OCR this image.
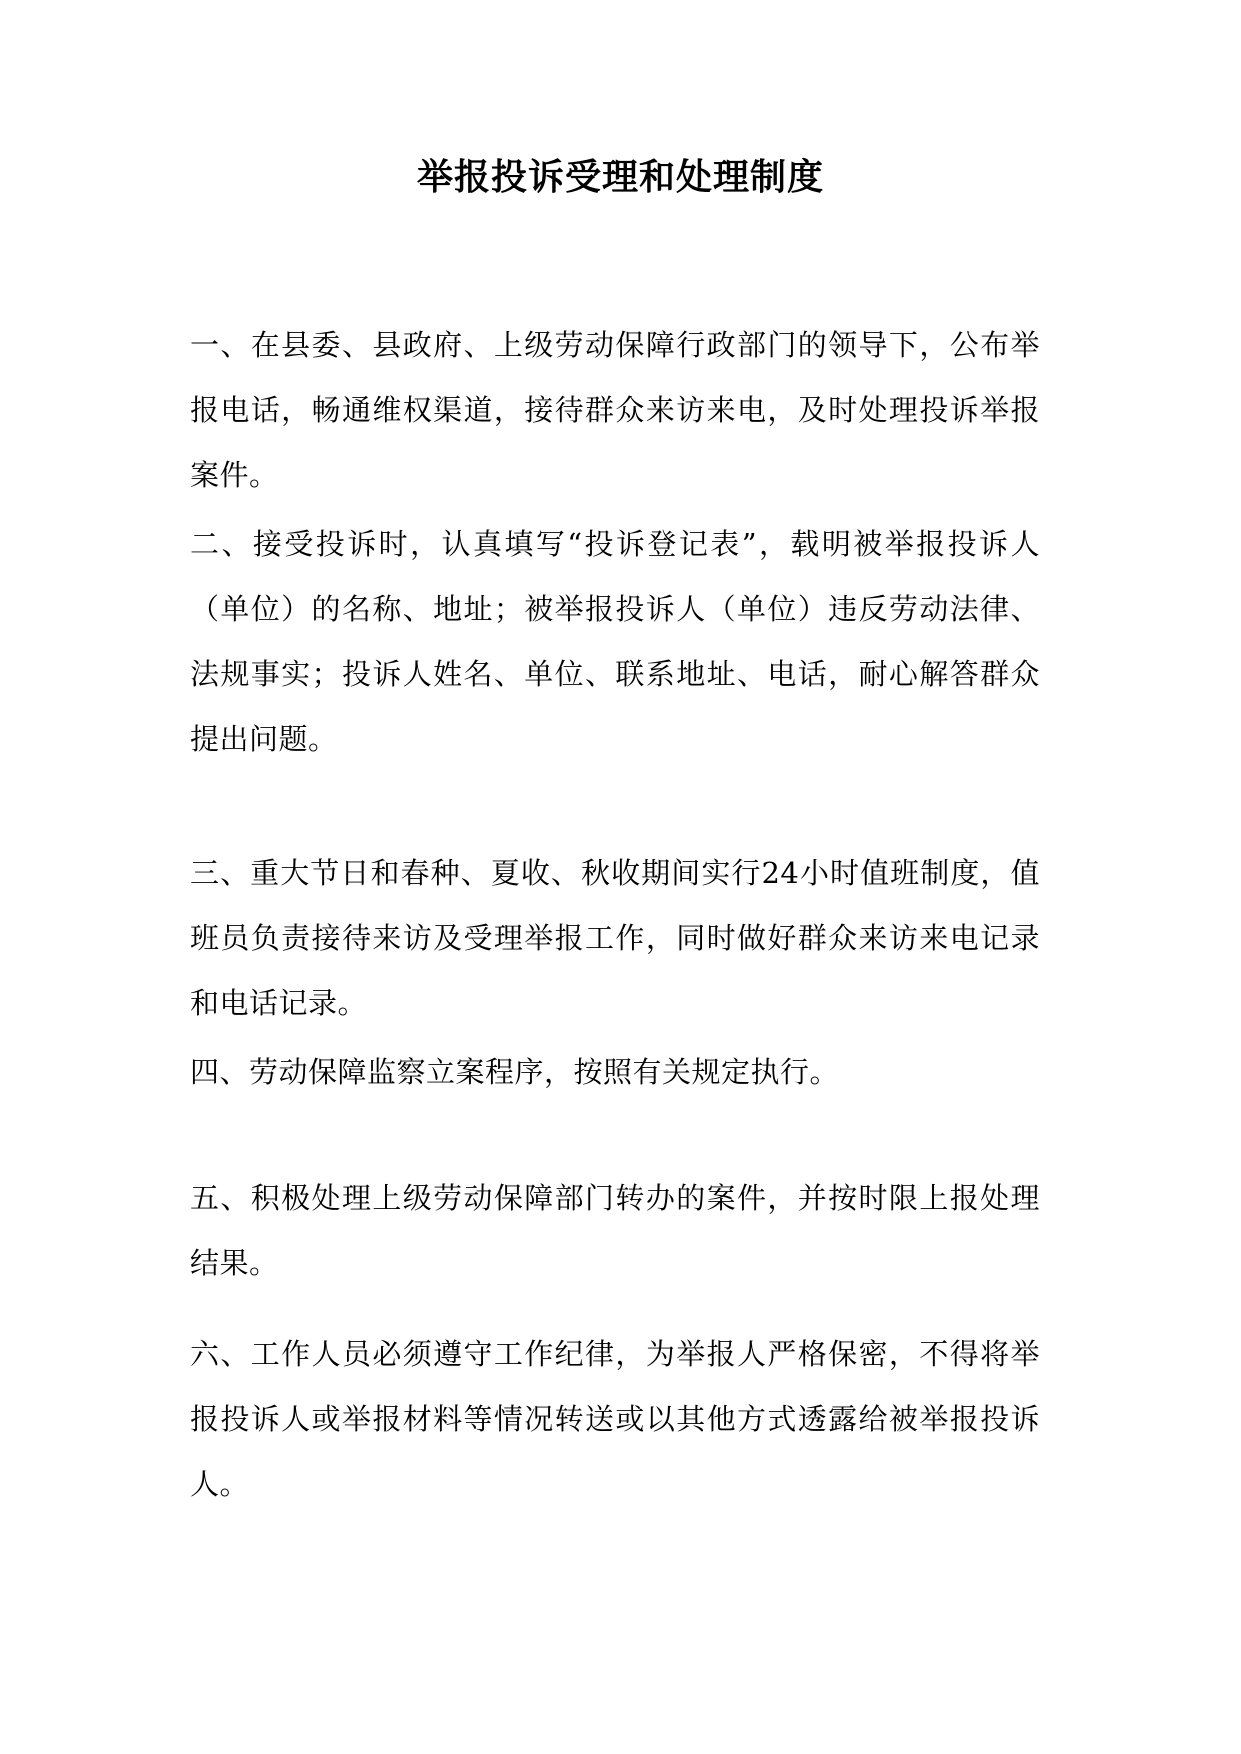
举报投诉受理和处理制度

一、在县委、县政府、上级劳动保障行政部门的领导下，公布举报电话，畅通维权渠道，接待群众来访来电，及时处理投诉举报案件。

二、接受投诉时，认真填写“投诉登记表”，载明被举报投诉人（单位）的名称、地址；被举报投诉人（单位）违反劳动法律、法规事实；投诉人姓名、单位、联系地址、电话，耐心解答群众提出问题。

三、重大节日和春种、夏收、秋收期间实行24小时值班制度，值班员负责接待来访及受理举报工作，同时做好群众来访来电记录和电话记录。

四、劳动保障监察立案程序，按照有关规定执行。

五、积极处理上级劳动保障部门转办的案件，并按时限上报处理结果。

六、工作人员必须遵守工作纪律，为举报人严格保密，不得将举报投诉人或举报材料等情况转送或以其他方式透露给被举报投诉人。
